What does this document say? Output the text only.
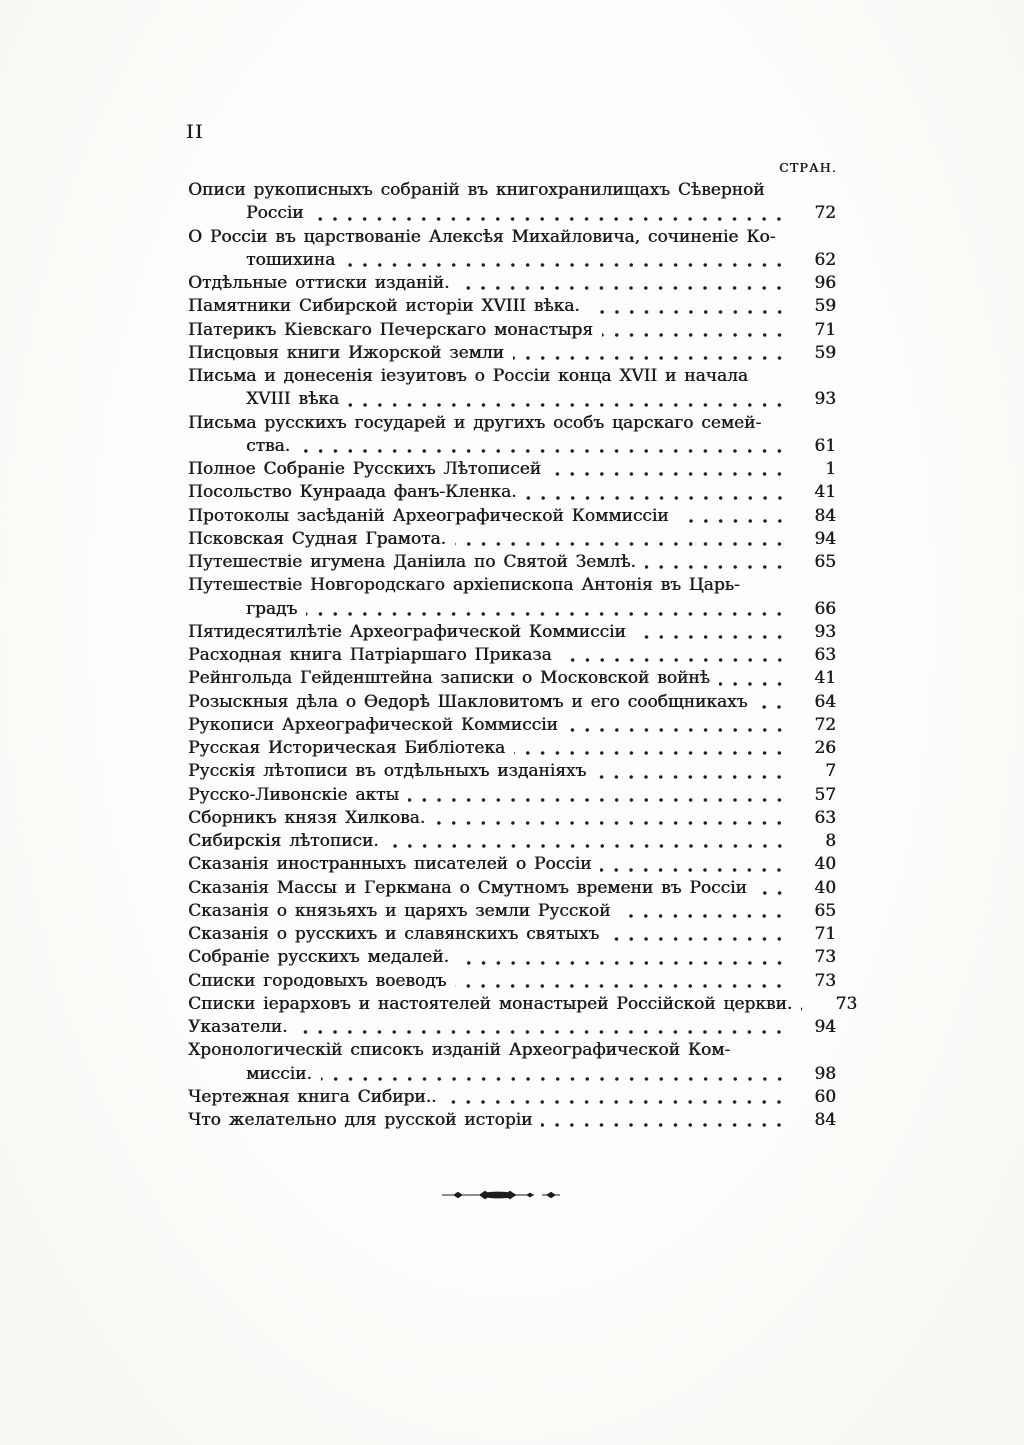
II
СТРАН.
Описи рукописныхъ собраній въ книгохранилищахъ Сѣверной
Россіи	72
О Россіи въ царствованіе Алексѣя Михайловича, сочиненіе Ко-
тошихина	62
Отдѣльные оттиски изданій.	96
Памятники Сибирской исторіи XVIII вѣка.	59
Патерикъ Кіевскаго Печерскаго монастыря	71
Писцовыя книги Ижорской земли	59
Письма и донесенія іезуитовъ о Россіи конца XVII и начала
XVIII вѣка	93
Письма русскихъ государей и другихъ особъ царскаго семей-
ства.	61
Полное Собраніе Русскихъ Лѣтописей	1
Посольство Кунраада фанъ-Кленка.	41
Протоколы засѣданій Археографической Коммиссіи	84
Псковская Судная Грамота.	94
Путешествіе игумена Даніила по Святой Землѣ.	65
Путешествіе Новгородскаго архіепископа Антонія въ Царь-
градъ	66
Пятидесятилѣтіе Археографической Коммиссіи	93
Расходная книга Патріаршаго Приказа	63
Рейнгольда Гейденштейна записки о Московской войнѣ	41
Розыскныя дѣла о Ѳедорѣ Шакловитомъ и его сообщникахъ	64
Рукописи Археографической Коммиссіи	72
Русская Историческая Библіотека	26
Русскія лѣтописи въ отдѣльныхъ изданіяхъ	7
Русско-Ливонскіе акты	57
Сборникъ князя Хилкова.	63
Сибирскія лѣтописи.	8
Сказанія иностранныхъ писателей о Россіи	40
Сказанія Массы и Геркмана о Смутномъ времени въ Россіи	40
Сказанія о князьяхъ и царяхъ земли Русской	65
Сказанія о русскихъ и славянскихъ святыхъ	71
Собраніе русскихъ медалей.	73
Списки городовыхъ воеводъ	73
Списки іерарховъ и настоятелей монастырей Россійской церкви.	73
Указатели.	94
Хронологическій списокъ изданій Археографической Ком-
миссіи.	98
Чертежная книга Сибири..	60
Что желательно для русской исторіи	84
